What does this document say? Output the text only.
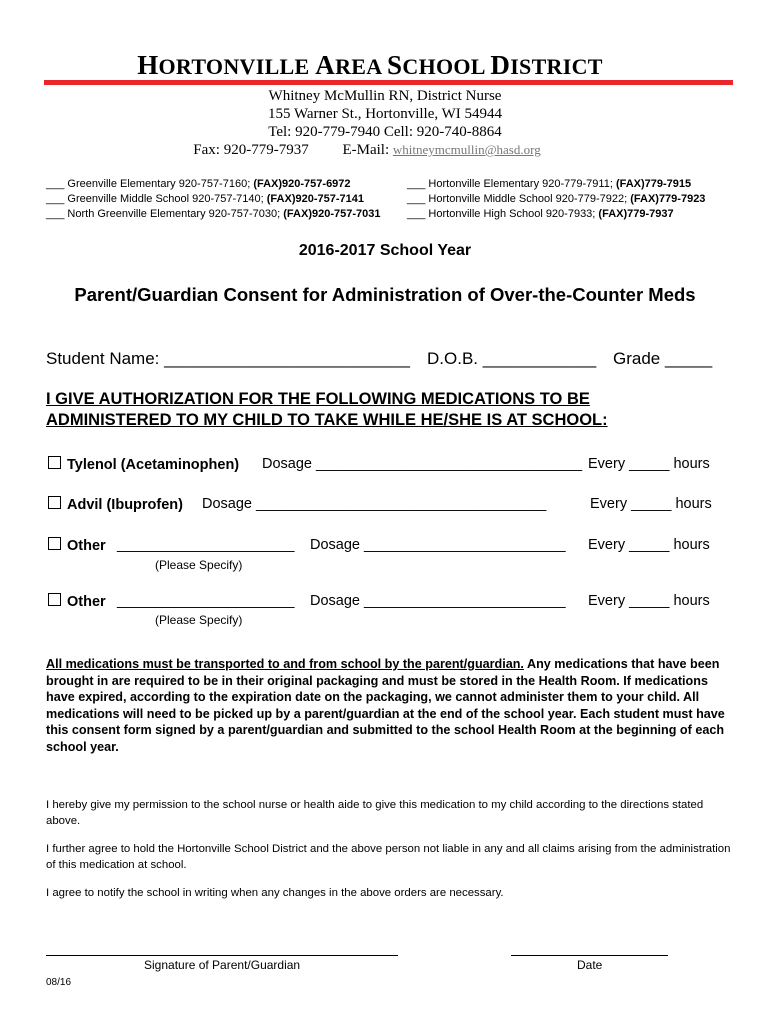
HORTONVILLE AREA SCHOOL DISTRICT
Whitney McMullin RN, District Nurse
155 Warner St., Hortonville, WI 54944
Tel: 920-779-7940 Cell: 920-740-8864
Fax: 920-779-7937 E-Mail: whitneymcmullin@hasd.org
___ Greenville Elementary 920-757-7160; (FAX)920-757-6972
___ Greenville Middle School 920-757-7140; (FAX)920-757-7141
___ North Greenville Elementary 920-757-7030; (FAX)920-757-7031
___ Hortonville Elementary 920-779-7911; (FAX)779-7915
___ Hortonville Middle School 920-779-7922; (FAX)779-7923
___ Hortonville High School 920-7933; (FAX)779-7937
2016-2017 School Year
Parent/Guardian Consent for Administration of Over-the-Counter Meds
Student Name: __________________________ D.O.B. ____________ Grade _____
I GIVE AUTHORIZATION FOR THE FOLLOWING MEDICATIONS TO BE
ADMINISTERED TO MY CHILD TO TAKE WHILE HE/SHE IS AT SCHOOL:
Tylenol (Acetaminophen) Dosage _________________________________ Every _____ hours
Advil (Ibuprofen) Dosage ____________________________________	Every _____ hours
Other ______________________ Dosage _________________________ Every _____ hours
(Please Specify)
Other ______________________ Dosage _________________________ Every _____ hours
(Please Specify)
All medications must be transported to and from school by the parent/guardian. Any medications that have been brought in are required to be in their original packaging and must be stored in the Health Room. If medications have expired, according to the expiration date on the packaging, we cannot administer them to your child. All medications will need to be picked up by a parent/guardian at the end of the school year. Each student must have this consent form signed by a parent/guardian and submitted to the school Health Room at the beginning of each school year.
I hereby give my permission to the school nurse or health aide to give this medication to my child according to the directions stated above.
I further agree to hold the Hortonville School District and the above person not liable in any and all claims arising from the administration of this medication at school.
I agree to notify the school in writing when any changes in the above orders are necessary.
Signature of Parent/Guardian	Date
08/16
